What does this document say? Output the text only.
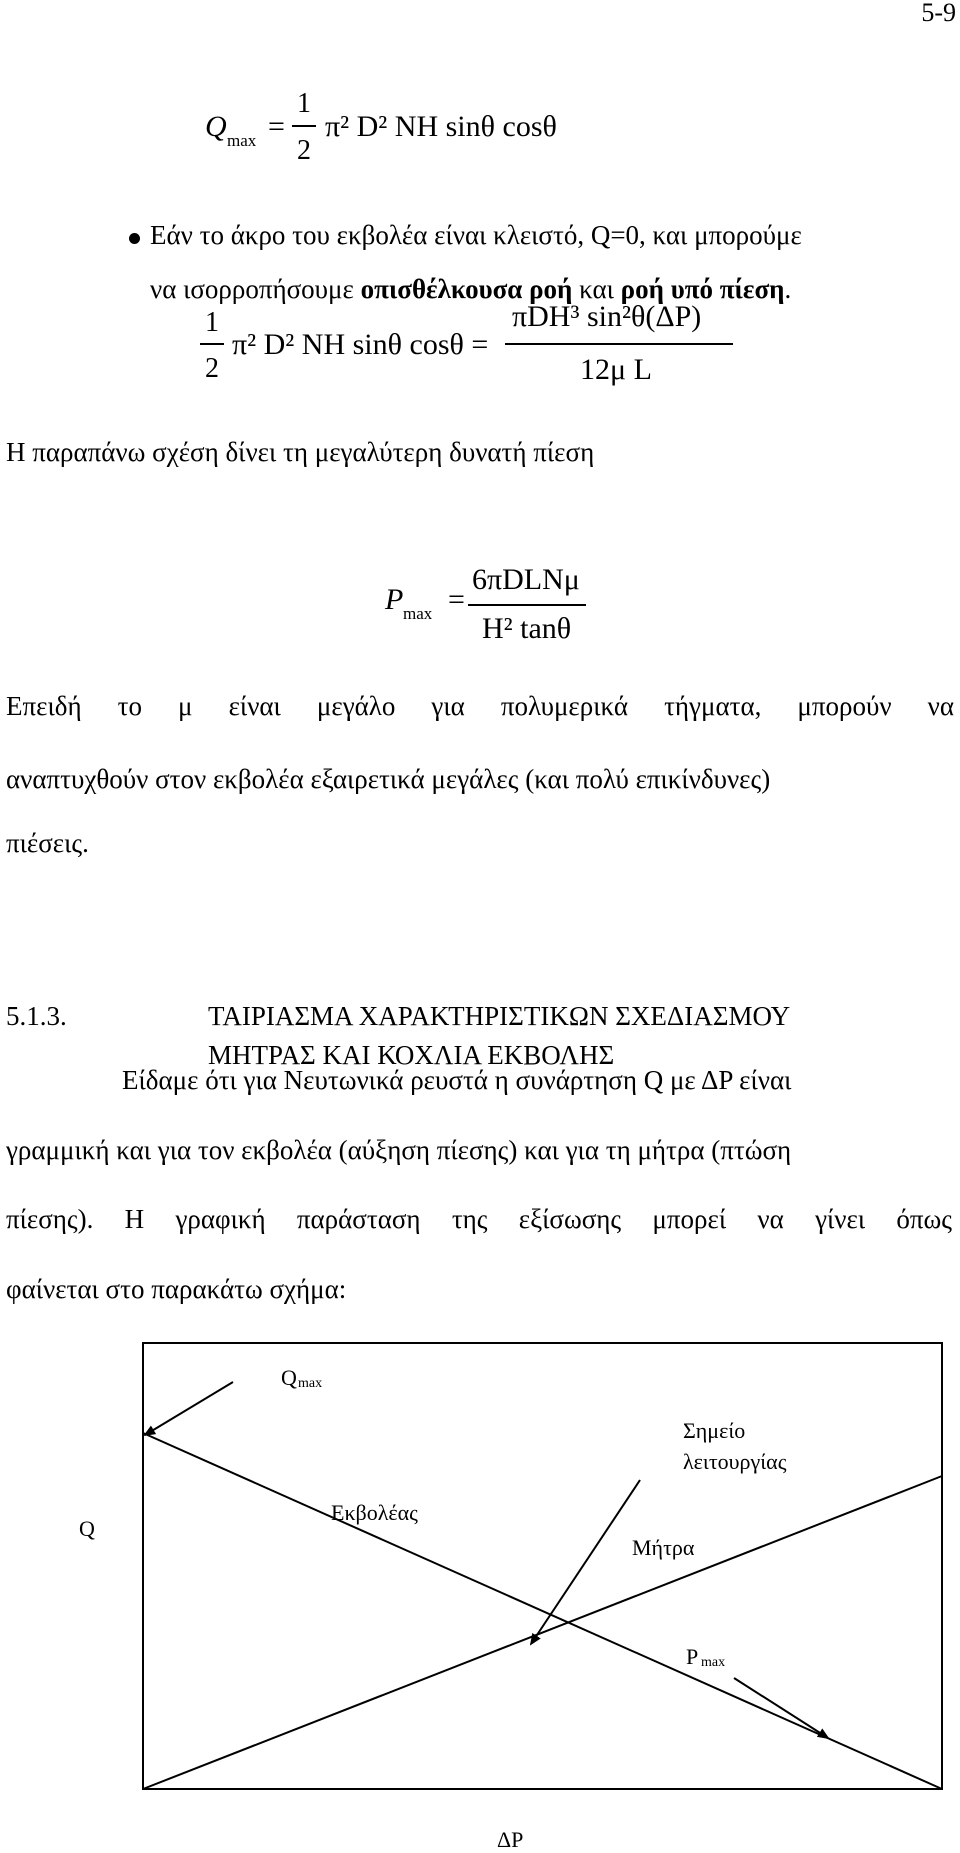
5-9
Q max =
1
2
π² D² NH sinθ cosθ
Εάν το άκρο του εκβολέα είναι κλειστό, Q=0, και μπορούμε
να ισορροπήσουμε οπισθέλκουσα ροή και ροή υπό πίεση.
1
2
π² D² NH sinθ cosθ =
πDH³ sin²θ(ΔP)
12μ L
Η παραπάνω σχέση δίνει τη μεγαλύτερη δυνατή πίεση
P max =
6πDLNμ
H² tanθ
Επειδή το μ είναι μεγάλο για πολυμερικά τήγματα, μπορούν να
αναπτυχθούν στον εκβολέα εξαιρετικά μεγάλες (και πολύ επικίνδυνες)
πιέσεις.
5.1.3.	ΤΑΙΡΙΑΣΜΑ ΧΑΡΑΚΤΗΡΙΣΤΙΚΩΝ ΣΧΕΔΙΑΣΜΟΥ
ΜΗΤΡΑΣ ΚΑΙ ΚΟΧΛΙΑ ΕΚΒΟΛΗΣ
Είδαμε ότι για Νευτωνικά ρευστά η συνάρτηση Q με ΔP είναι
γραμμική και για τον εκβολέα (αύξηση πίεσης) και για τη μήτρα (πτώση
πίεσης). Η γραφική παράσταση της εξίσωσης μπορεί να γίνει όπως
φαίνεται στο παρακάτω σχήμα:
Q max
Σημείο
λειτουργίας
Q
Εκβολέας
Μήτρα
P max
ΔP
